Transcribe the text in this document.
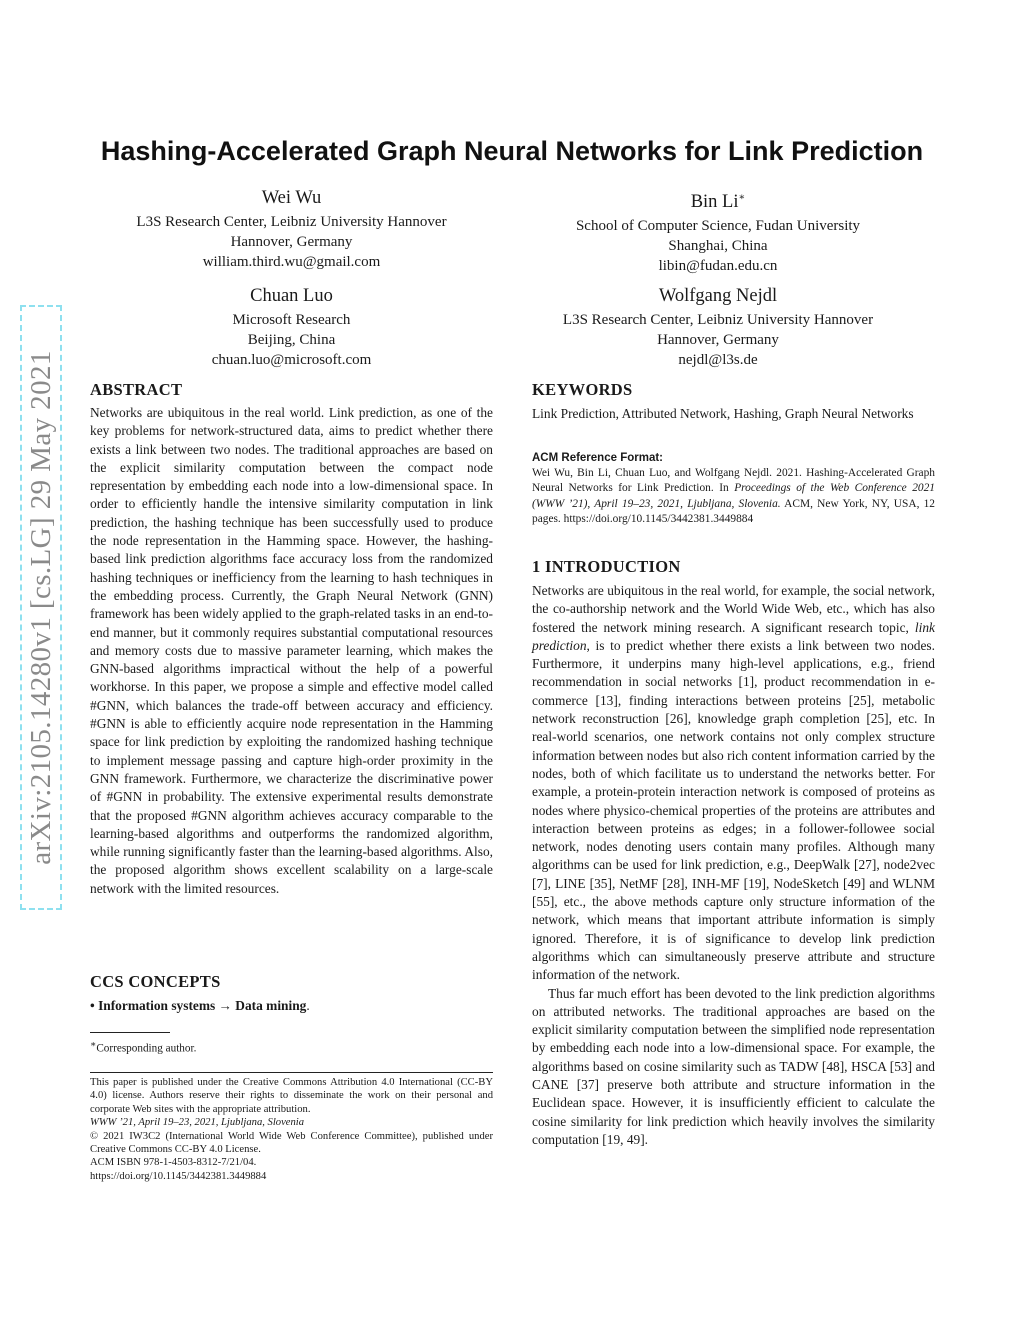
arXiv:2105.14280v1 [cs.LG] 29 May 2021
Hashing-Accelerated Graph Neural Networks for Link Prediction
Wei Wu
L3S Research Center, Leibniz University Hannover
Hannover, Germany
william.third.wu@gmail.com
Bin Li∗
School of Computer Science, Fudan University
Shanghai, China
libin@fudan.edu.cn
Chuan Luo
Microsoft Research
Beijing, China
chuan.luo@microsoft.com
Wolfgang Nejdl
L3S Research Center, Leibniz University Hannover
Hannover, Germany
nejdl@l3s.de
ABSTRACT

Networks are ubiquitous in the real world. Link prediction, as one of the key problems for network-structured data, aims to predict whether there exists a link between two nodes. The traditional approaches are based on the explicit similarity computation between the compact node representation by embedding each node into a low-dimensional space. In order to efficiently handle the intensive similarity computation in link prediction, the hashing technique has been successfully used to produce the node representation in the Hamming space. However, the hashing-based link prediction algorithms face accuracy loss from the randomized hashing techniques or inefficiency from the learning to hash techniques in the embedding process. Currently, the Graph Neural Network (GNN) framework has been widely applied to the graph-related tasks in an end-to-end manner, but it commonly requires substantial computational resources and memory costs due to massive parameter learning, which makes the GNN-based algorithms impractical without the help of a powerful workhorse. In this paper, we propose a simple and effective model called #GNN, which balances the trade-off between accuracy and efficiency. #GNN is able to efficiently acquire node representation in the Hamming space for link prediction by exploiting the randomized hashing technique to implement message passing and capture high-order proximity in the GNN framework. Furthermore, we characterize the discriminative power of #GNN in probability. The extensive experimental results demonstrate that the proposed #GNN algorithm achieves accuracy comparable to the learning-based algorithms and outperforms the randomized algorithm, while running significantly faster than the learning-based algorithms. Also, the proposed algorithm shows excellent scalability on a large-scale network with the limited resources.

CCS CONCEPTS

• Information systems → Data mining.

∗Corresponding author.
This paper is published under the Creative Commons Attribution 4.0 International (CC-BY 4.0) license. Authors reserve their rights to disseminate the work on their personal and corporate Web sites with the appropriate attribution.
WWW ’21, April 19–23, 2021, Ljubljana, Slovenia
© 2021 IW3C2 (International World Wide Web Conference Committee), published under Creative Commons CC-BY 4.0 License.
ACM ISBN 978-1-4503-8312-7/21/04.
https://doi.org/10.1145/3442381.3449884
KEYWORDS

Link Prediction, Attributed Network, Hashing, Graph Neural Networks

ACM Reference Format:

Wei Wu, Bin Li, Chuan Luo, and Wolfgang Nejdl. 2021. Hashing-Accelerated Graph Neural Networks for Link Prediction. In Proceedings of the Web Conference 2021 (WWW ’21), April 19–23, 2021, Ljubljana, Slovenia. ACM, New York, NY, USA, 12 pages. https://doi.org/10.1145/3442381.3449884

1 INTRODUCTION

Networks are ubiquitous in the real world, for example, the social network, the co-authorship network and the World Wide Web, etc., which has also fostered the network mining research. A significant research topic, link prediction, is to predict whether there exists a link between two nodes. Furthermore, it underpins many high-level applications, e.g., friend recommendation in social networks [1], product recommendation in e-commerce [13], finding interactions between proteins [25], metabolic network reconstruction [26], knowledge graph completion [25], etc. In real-world scenarios, one network contains not only complex structure information between nodes but also rich content information carried by the nodes, both of which facilitate us to understand the networks better. For example, a protein-protein interaction network is composed of proteins as nodes where physico-chemical properties of the proteins are attributes and interaction between proteins as edges; in a follower-followee social network, nodes denoting users contain many profiles. Although many algorithms can be used for link prediction, e.g., DeepWalk [27], node2vec [7], LINE [35], NetMF [28], INH-MF [19], NodeSketch [49] and WLNM [55], etc., the above methods capture only structure information of the network, which means that important attribute information is simply ignored. Therefore, it is of significance to develop link prediction algorithms which can simultaneously preserve attribute and structure information of the network.

Thus far much effort has been devoted to the link prediction algorithms on attributed networks. The traditional approaches are based on the explicit similarity computation between the simplified node representation by embedding each node into a low-dimensional space. For example, the algorithms based on cosine similarity such as TADW [48], HSCA [53] and CANE [37] preserve both attribute and structure information in the Euclidean space. However, it is insufficiently efficient to calculate the cosine similarity for link prediction which heavily involves the similarity computation [19, 49].
